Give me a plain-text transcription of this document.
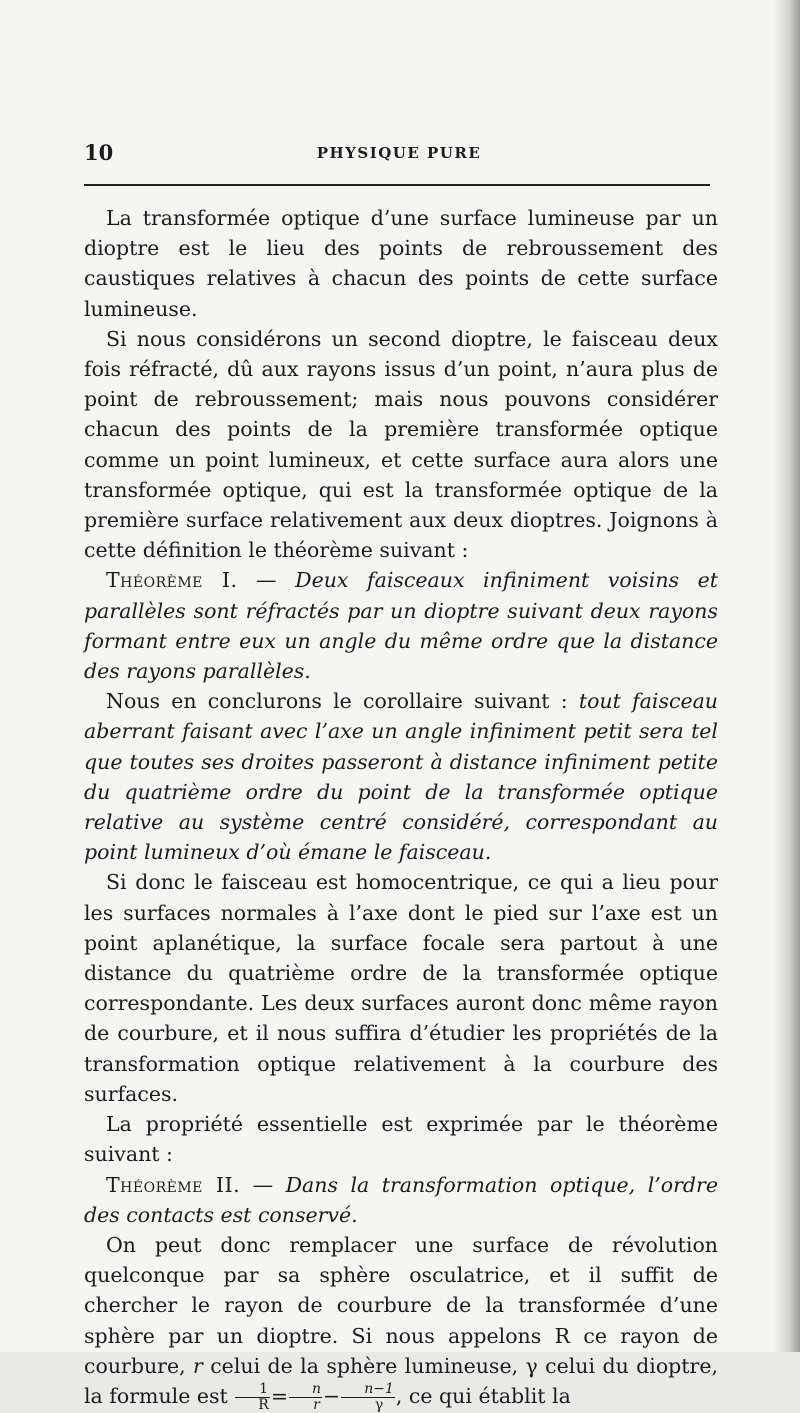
10	PHYSIQUE PURE

La transformée optique d’une surface lumineuse par un dioptre est le lieu des points de rebroussement des caustiques relatives à chacun des points de cette surface lumineuse.

Si nous considérons un second dioptre, le faisceau deux fois réfracté, dû aux rayons issus d’un point, n’aura plus de point de rebroussement; mais nous pouvons considérer chacun des points de la première transformée optique comme un point lumineux, et cette surface aura alors une transformée optique, qui est la transformée optique de la première surface relativement aux deux dioptres. Joignons à cette définition le théorème suivant :

Théorème I. — Deux faisceaux infiniment voisins et parallèles sont réfractés par un dioptre suivant deux rayons formant entre eux un angle du même ordre que la distance des rayons parallèles.

Nous en conclurons le corollaire suivant : tout faisceau aberrant faisant avec l’axe un angle infiniment petit sera tel que toutes ses droites passeront à distance infiniment petite du quatrième ordre du point de la transformée optique relative au système centré considéré, correspondant au point lumineux d’où émane le faisceau.

Si donc le faisceau est homocentrique, ce qui a lieu pour les surfaces normales à l’axe dont le pied sur l’axe est un point aplanétique, la surface focale sera partout à une distance du quatrième ordre de la transformée optique correspondante. Les deux surfaces auront donc même rayon de courbure, et il nous suffira d’étudier les propriétés de la transformation optique relativement à la courbure des surfaces.

La propriété essentielle est exprimée par le théorème suivant :

Théorème II. — Dans la transformation optique, l’ordre des contacts est conservé.

On peut donc remplacer une surface de révolution quelconque par sa sphère osculatrice, et il suffit de chercher le rayon de courbure de la transformée d’une sphère par un dioptre. Si nous appelons R ce rayon de courbure, r celui de la sphère lumineuse, γ celui du dioptre, la formule est $\frac{1}{R} = \frac{n}{r} - \frac{n-1}{\gamma}$ , ce qui établit la
